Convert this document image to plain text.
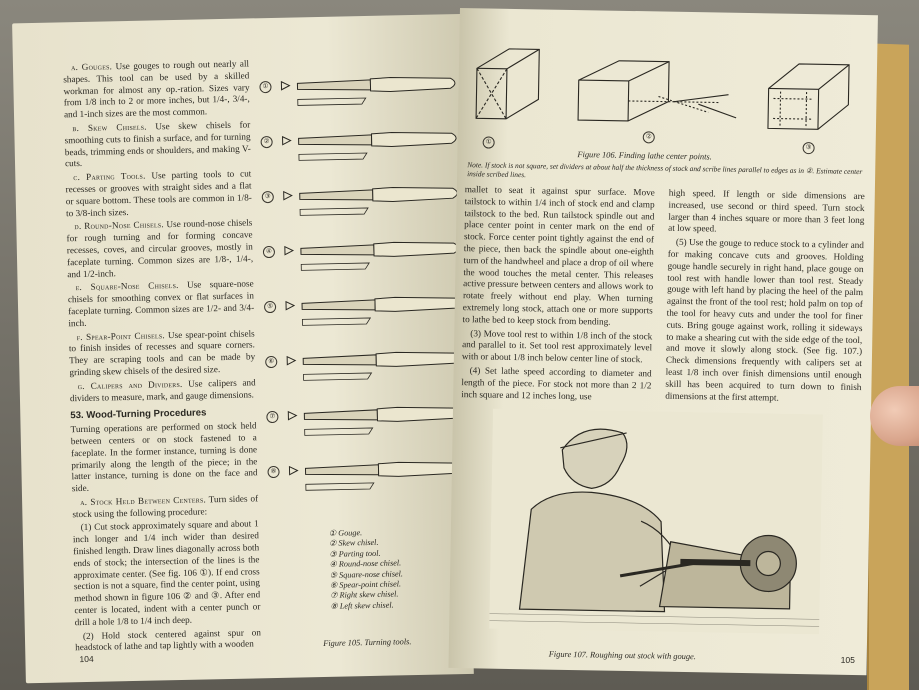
a. Gouges. Use gouges to rough out nearly all shapes. This tool can be used by a skilled workman for almost any op.-ration. Sizes vary from 1/8 inch to 2 or more inches, but 1/4-, 3/4-, and 1-inch sizes are the most common.

b. Skew Chisels. Use skew chisels for smoothing cuts to finish a surface, and for turning beads, trimming ends or shoulders, and making V-cuts.

c. Parting Tools. Use parting tools to cut recesses or grooves with straight sides and a flat or square bottom. These tools are common in 1/8- to 3/8-inch sizes.

d. Round-Nose Chisels. Use round-nose chisels for rough turning and for forming concave recesses, coves, and circular grooves, mostly in faceplate turning. Common sizes are 1/8-, 1/4-, and 1/2-inch.

e. Square-Nose Chisels. Use square-nose chisels for smoothing convex or flat surfaces in faceplate turning. Common sizes are 1/2- and 3/4-inch.

f. Spear-Point Chisels. Use spear-point chisels to finish insides of recesses and square corners. They are scraping tools and can be made by grinding skew chisels of the desired size.

g. Calipers and Dividers. Use calipers and dividers to measure, mark, and gauge dimensions.

53. Wood-Turning Procedures

Turning operations are performed on stock held between centers or on stock fastened to a faceplate. In the former instance, turning is done primarily along the length of the piece; in the latter instance, turning is done on the face and side.

a. Stock Held Between Centers. Turn sides of stock using the following procedure:

(1) Cut stock approximately square and about 1 inch longer and 1/4 inch wider than desired finished length. Draw lines diagonally across both ends of stock; the intersection of the lines is the approximate center. (See fig. 106 ①). If end cross section is not a square, find the center point, using method shown in figure 106 ② and ③. After end center is located, indent with a center punch or drill a hole 1/8 to 1/4 inch deep.

(2) Hold stock centered against spur on headstock of lathe and tap lightly with a wooden

104
①
②
③
④
⑤
⑥
⑦
⑧
① Gouge.
② Skew chisel.
③ Parting tool.
④ Round-nose chisel.
⑤ Square-nose chisel.
⑥ Spear-point chisel.
⑦ Right skew chisel.
⑧ Left skew chisel.
Figure 105. Turning tools.
①
②
③
Figure 106. Finding lathe center points.
Note. If stock is not square, set dividers at about half the thickness of stock and scribe lines parallel to edges as in ②. Estimate center inside scribed lines.

mallet to seat it against spur surface. Move tailstock to within 1/4 inch of stock end and clamp tailstock to the bed. Run tailstock spindle out and place center point in center mark on the end of stock. Force center point tightly against the end of the piece, then back the spindle about one-eighth turn of the handwheel and place a drop of oil where the wood touches the metal center. This releases active pressure between centers and allows work to rotate freely without end play. When turning extremely long stock, attach one or more supports to lathe bed to keep stock from bending.

(3) Move tool rest to within 1/8 inch of the stock and parallel to it. Set tool rest approximately level with or about 1/8 inch below center line of stock.

(4) Set lathe speed according to diameter and length of the piece. For stock not more than 2 1/2 inch square and 12 inches long, use

high speed. If length or side dimensions are increased, use second or third speed. Turn stock larger than 4 inches square or more than 3 feet long at low speed.

(5) Use the gouge to reduce stock to a cylinder and for making concave cuts and grooves. Holding gouge handle securely in right hand, place gouge on tool rest with handle lower than tool rest. Steady gouge with left hand by placing the heel of the palm against the front of the tool rest; hold palm on top of the tool for heavy cuts and under the tool for finer cuts. Bring gouge against work, rolling it sideways to make a shearing cut with the side edge of the tool, and move it slowly along stock. (See fig. 107.) Check dimensions frequently with calipers set at least 1/8 inch over finish dimensions until enough skill has been acquired to turn down to finish dimensions at the first attempt.

Figure 107. Roughing out stock with gouge.	105
